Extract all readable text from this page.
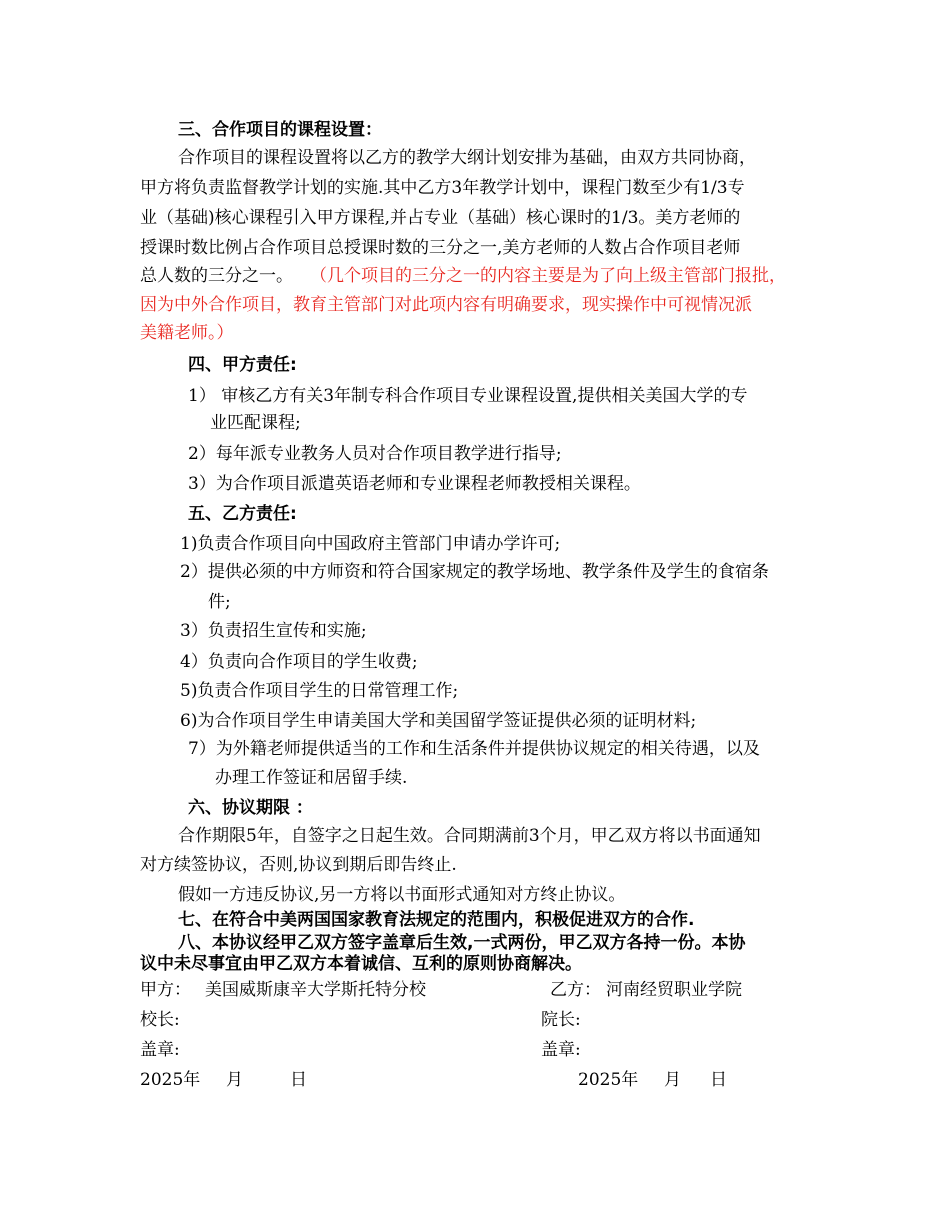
三、合作项目的课程设置：
合作项目的课程设置将以乙方的教学大纲计划安排为基础，由双方共同协商，
甲方将负责监督教学计划的实施.其中乙方3年教学计划中，课程门数至少有1/3专
业（基础)核心课程引入甲方课程,并占专业（基础）核心课时的1/3。美方老师的
授课时数比例占合作项目总授课时数的三分之一,美方老师的人数占合作项目老师
总人数的三分之一。 （几个项目的三分之一的内容主要是为了向上级主管部门报批，
因为中外合作项目，教育主管部门对此项内容有明确要求，现实操作中可视情况派
美籍老师。）
四、甲方责任:
1） 审核乙方有关3年制专科合作项目专业课程设置,提供相关美国大学的专
业匹配课程;
2）每年派专业教务人员对合作项目教学进行指导;
3）为合作项目派遣英语老师和专业课程老师教授相关课程。
五、乙方责任:
1)负责合作项目向中国政府主管部门申请办学许可;
2）提供必须的中方师资和符合国家规定的教学场地、教学条件及学生的食宿条
件;
3）负责招生宣传和实施;
4）负责向合作项目的学生收费;
5)负责合作项目学生的日常管理工作;
6)为合作项目学生申请美国大学和美国留学签证提供必须的证明材料;
7）为外籍老师提供适当的工作和生活条件并提供协议规定的相关待遇，以及
办理工作签证和居留手续.
六、协议期限 ：
合作期限5年，自签字之日起生效。合同期满前3个月，甲乙双方将以书面通知
对方续签协议，否则,协议到期后即告终止.
假如一方违反协议,另一方将以书面形式通知对方终止协议。
七、在符合中美两国国家教育法规定的范围内，积极促进双方的合作.
八、本协议经甲乙双方签字盖章后生效,一式两份，甲乙双方各持一份。本协
议中未尽事宜由甲乙双方本着诚信、互利的原则协商解决。
甲方： 美国威斯康辛大学斯托特分校	乙方： 河南经贸职业学院
校长:	院长:
盖章:	盖章:
2025年 月	日	2025年 月 日
